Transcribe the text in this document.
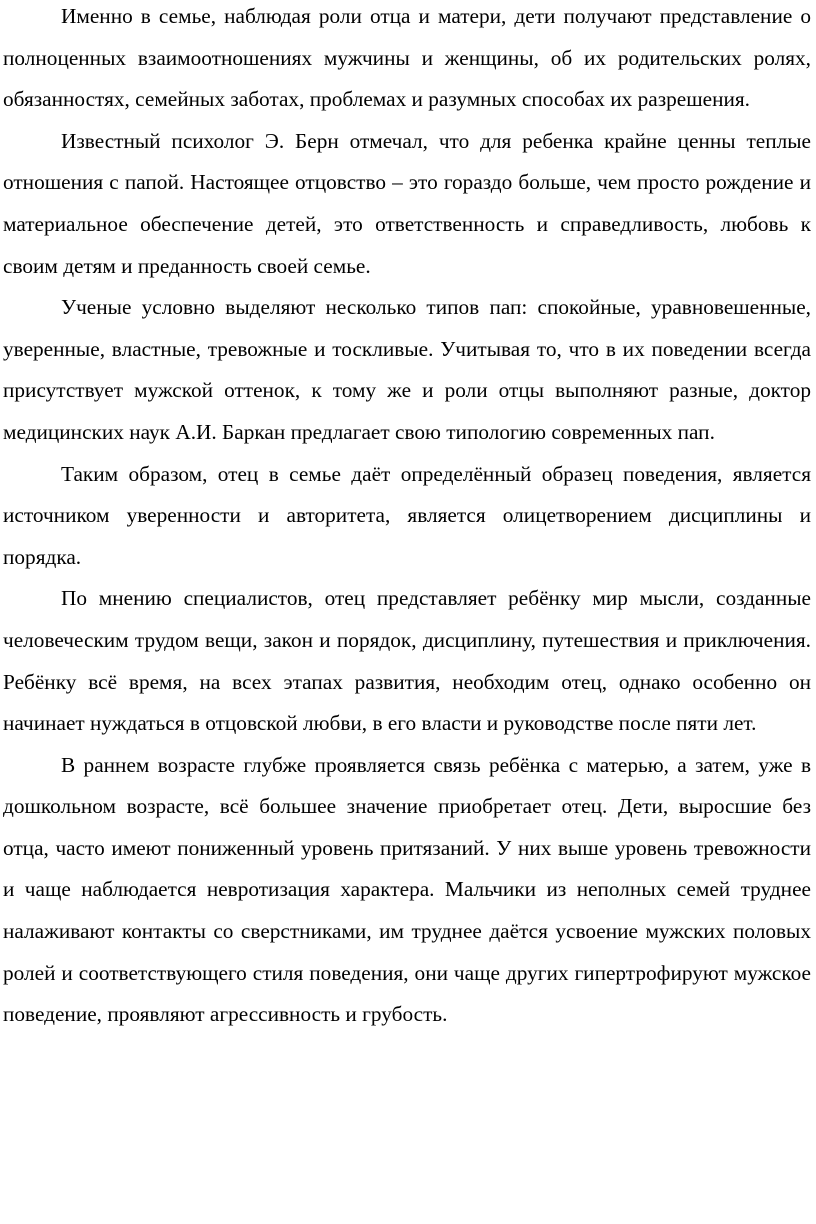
Именно в семье, наблюдая роли отца и матери, дети получают представление о полноценных взаимоотношениях мужчины и женщины, об их родительских ролях, обязанностях, семейных заботах, проблемах и разумных способах их разрешения.

Известный психолог Э. Берн отмечал, что для ребенка крайне ценны теплые отношения с папой. Настоящее отцовство – это гораздо больше, чем просто рождение и материальное обеспечение детей, это ответственность и справедливость, любовь к своим детям и преданность своей семье.

Ученые условно выделяют несколько типов пап: спокойные, уравновешенные, уверенные, властные, тревожные и тоскливые. Учитывая то, что в их поведении всегда присутствует мужской оттенок, к тому же и роли отцы выполняют разные, доктор медицинских наук А.И. Баркан предлагает свою типологию современных пап.

Таким образом, отец в семье даёт определённый образец поведения, является источником уверенности и авторитета, является олицетворением дисциплины и порядка.

По мнению специалистов, отец представляет ребёнку мир мысли, созданные человеческим трудом вещи, закон и порядок, дисциплину, путешествия и приключения. Ребёнку всё время, на всех этапах развития, необходим отец, однако особенно он начинает нуждаться в отцовской любви, в его власти и руководстве после пяти лет.

В раннем возрасте глубже проявляется связь ребёнка с матерью, а затем, уже в дошкольном возрасте, всё большее значение приобретает отец. Дети, выросшие без отца, часто имеют пониженный уровень притязаний. У них выше уровень тревожности и чаще наблюдается невротизация характера. Мальчики из неполных семей труднее налаживают контакты со сверстниками, им труднее даётся усвоение мужских половых ролей и соответствующего стиля поведения, они чаще других гипертрофируют мужское поведение, проявляют агрессивность и грубость.
